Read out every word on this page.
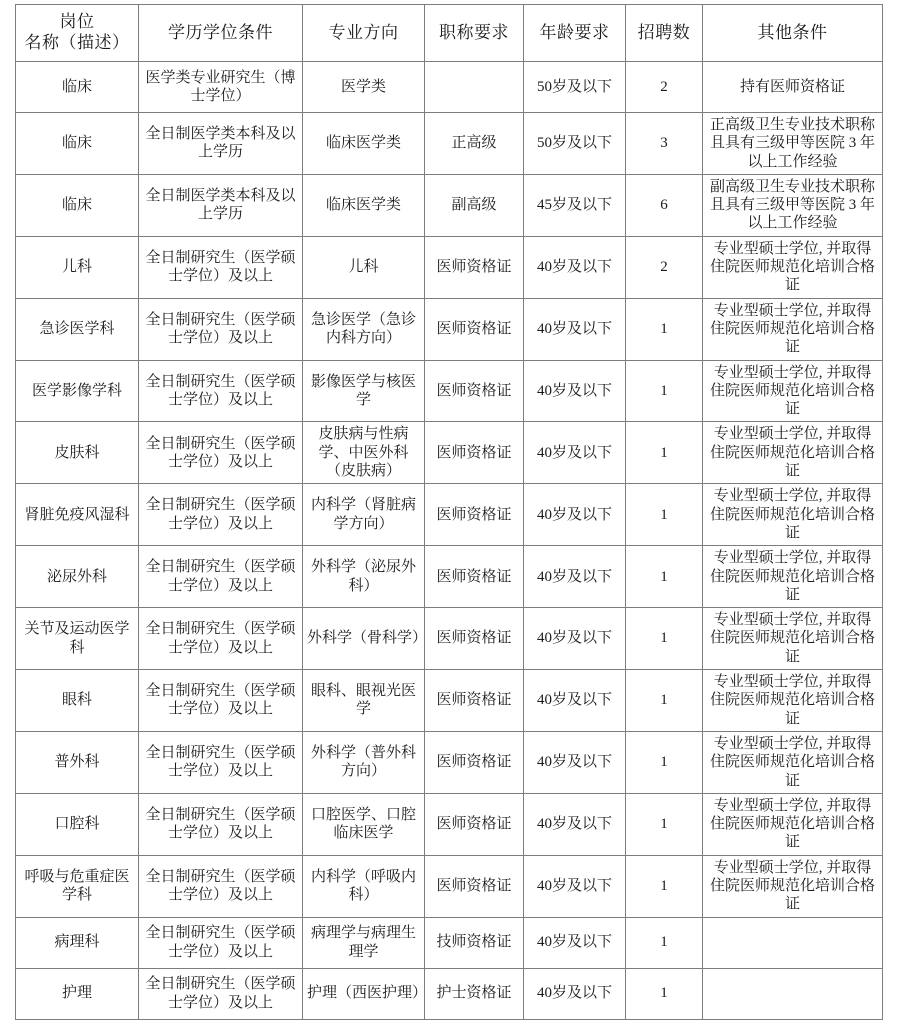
岗位
名称（描述）	学历学位条件	专业方向	职称要求	年龄要求	招聘数	其他条件

临床	医学类专业研究生（博士学位）	医学类		50岁及以下	2	持有医师资格证
临床	全日制医学类本科及以上学历	临床医学类	正高级	50岁及以下	3	正高级卫生专业技术职称且具有三级甲等医院 3 年以上工作经验
临床	全日制医学类本科及以上学历	临床医学类	副高级	45岁及以下	6	副高级卫生专业技术职称且具有三级甲等医院 3 年以上工作经验
儿科	全日制研究生（医学硕士学位）及以上	儿科	医师资格证	40岁及以下	2	专业型硕士学位, 并取得住院医师规范化培训合格证
急诊医学科	全日制研究生（医学硕士学位）及以上	急诊医学（急诊内科方向）	医师资格证	40岁及以下	1	专业型硕士学位, 并取得住院医师规范化培训合格证
医学影像学科	全日制研究生（医学硕士学位）及以上	影像医学与核医学	医师资格证	40岁及以下	1	专业型硕士学位, 并取得住院医师规范化培训合格证
皮肤科	全日制研究生（医学硕士学位）及以上	皮肤病与性病学、中医外科（皮肤病）	医师资格证	40岁及以下	1	专业型硕士学位, 并取得住院医师规范化培训合格证
肾脏免疫风湿科	全日制研究生（医学硕士学位）及以上	内科学（肾脏病学方向）	医师资格证	40岁及以下	1	专业型硕士学位, 并取得住院医师规范化培训合格证
泌尿外科	全日制研究生（医学硕士学位）及以上	外科学（泌尿外科）	医师资格证	40岁及以下	1	专业型硕士学位, 并取得住院医师规范化培训合格证
关节及运动医学科	全日制研究生（医学硕士学位）及以上	外科学（骨科学）	医师资格证	40岁及以下	1	专业型硕士学位, 并取得住院医师规范化培训合格证
眼科	全日制研究生（医学硕士学位）及以上	眼科、眼视光医学	医师资格证	40岁及以下	1	专业型硕士学位, 并取得住院医师规范化培训合格证
普外科	全日制研究生（医学硕士学位）及以上	外科学（普外科方向）	医师资格证	40岁及以下	1	专业型硕士学位, 并取得住院医师规范化培训合格证
口腔科	全日制研究生（医学硕士学位）及以上	口腔医学、口腔临床医学	医师资格证	40岁及以下	1	专业型硕士学位, 并取得住院医师规范化培训合格证
呼吸与危重症医学科	全日制研究生（医学硕士学位）及以上	内科学（呼吸内科）	医师资格证	40岁及以下	1	专业型硕士学位, 并取得住院医师规范化培训合格证
病理科	全日制研究生（医学硕士学位）及以上	病理学与病理生理学	技师资格证	40岁及以下	1	
护理	全日制研究生（医学硕士学位）及以上	护理（西医护理）	护士资格证	40岁及以下	1	
